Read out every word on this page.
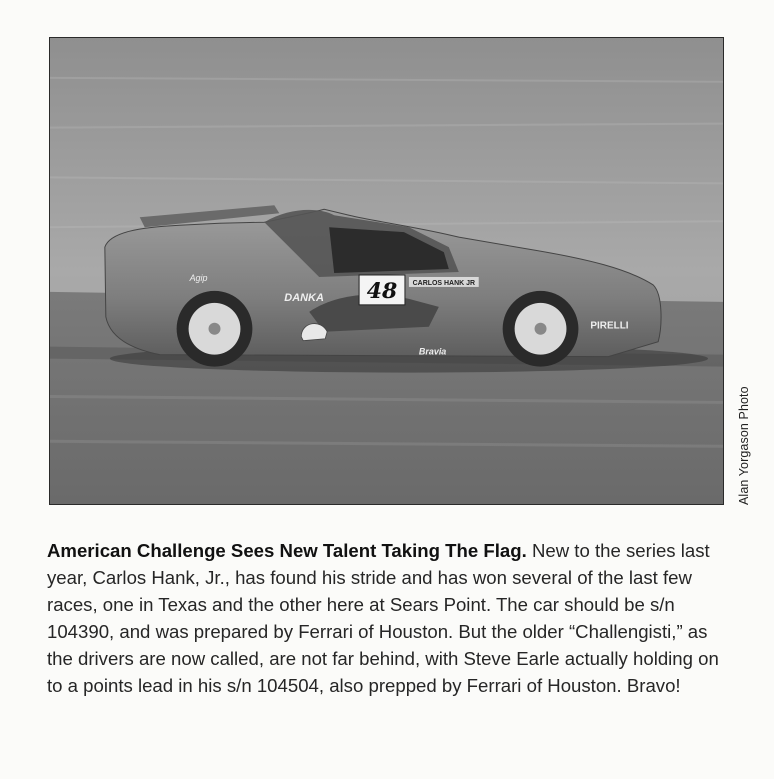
48 CARLOS HANK JR
DANKA
PIRELLI
Bravia
Agip
Alan Yorgason Photo

American Challenge Sees New Talent Taking The Flag. New to the series last year, Carlos Hank, Jr., has found his stride and has won several of the last few races, one in Texas and the other here at Sears Point. The car should be s/n 104390, and was prepared by Ferrari of Houston. But the older “Challengisti,” as the drivers are now called, are not far behind, with Steve Earle actually holding on to a points lead in his s/n 104504, also prepped by Ferrari of Houston. Bravo!
